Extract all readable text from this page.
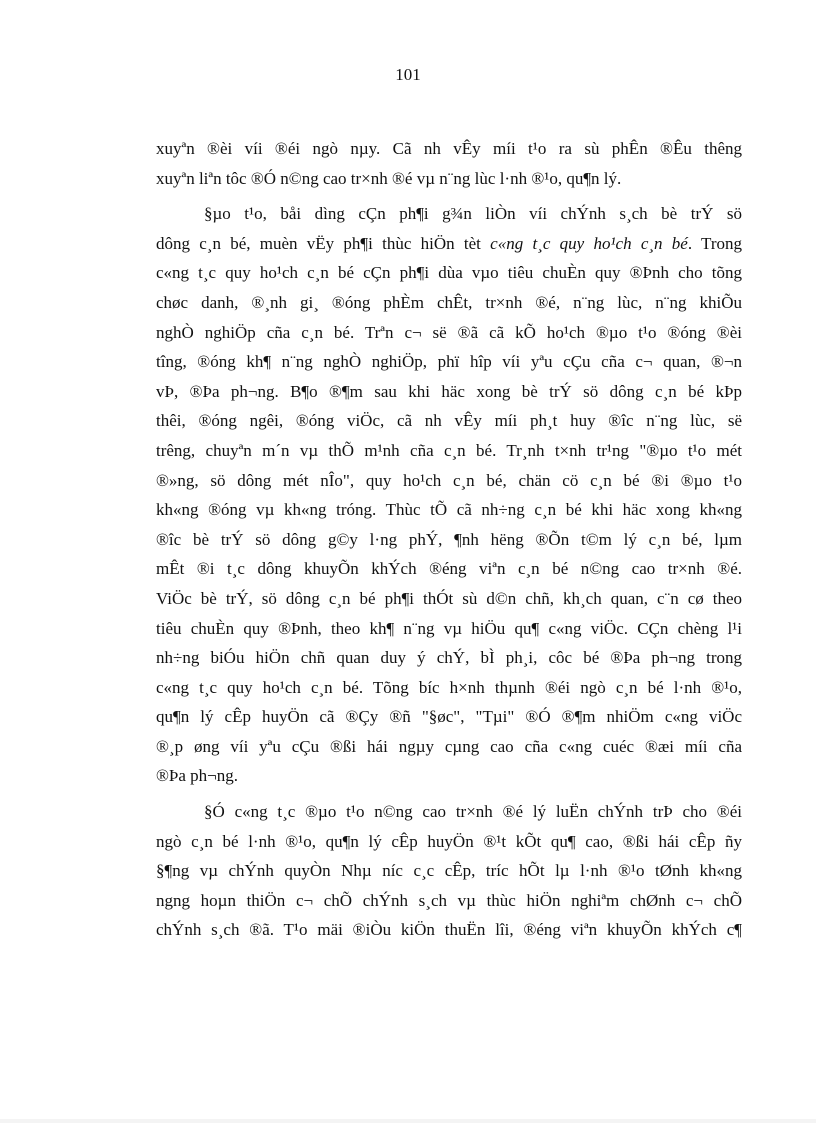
101
xuyªn ®èi víi ®éi ngò nµy. Cã nh vÊy míi t¹o ra sù phÊn ®Êu thêng
xuyªn liªn tôc ®Ó n©ng cao tr×nh ®é vµ n¨ng lùc l·nh ®¹o, qu¶n lý.
§µo t¹o, båi dìng cÇn ph¶i g¾n liÒn víi chÝnh s¸ch bè trÝ sö
dông c¸n bé, muèn vËy ph¶i thùc hiÖn tèt c«ng t¸c quy ho¹ch c¸n bé. Trong
c«ng t¸c quy ho¹ch c¸n bé cÇn ph¶i dùa vµo tiêu chuÈn quy ®Þnh cho tõng
chøc danh, ®¸nh gi¸ ®óng phÈm chÊt, tr×nh ®é, n¨ng lùc, n¨ng khiÕu
nghÒ nghiÖp cña c¸n bé. Trªn c¬ së ®ã cã kÕ ho¹ch ®µo t¹o ®óng ®èi
tîng, ®óng kh¶ n¨ng nghÒ nghiÖp, phï hîp víi yªu cÇu cña c¬ quan, ®¬n
vÞ, ®Þa ph¬ng. B¶o ®¶m sau khi häc xong bè trÝ sö dông c¸n bé kÞp
thêi, ®óng ngêi, ®óng viÖc, cã nh vÊy míi ph¸t huy ®îc n¨ng lùc, së
trêng, chuyªn m´n vµ thÕ m¹nh cña c¸n bé. Tr¸nh t×nh tr¹ng "®µo t¹o mét
®»ng, sö dông mét nÎo", quy ho¹ch c¸n bé, chän cö c¸n bé ®i ®µo t¹o
kh«ng ®óng vµ kh«ng tróng. Thùc tÕ cã nh÷ng c¸n bé khi häc xong kh«ng
®îc bè trÝ sö dông g©y l·ng phÝ, ¶nh hëng ®Õn t©m lý c¸n bé, lµm
mÊt ®i t¸c dông khuyÕn khÝch ®éng viªn c¸n bé n©ng cao tr×nh ®é.
ViÖc bè trÝ, sö dông c¸n bé ph¶i thÓt sù d©n chñ, kh¸ch quan, c¨n cø theo
tiêu chuÈn quy ®Þnh, theo kh¶ n¨ng vµ hiÖu qu¶ c«ng viÖc. CÇn chèng l¹i
nh÷ng biÓu hiÖn chñ quan duy ý chÝ, bÌ ph¸i, côc bé ®Þa ph¬ng trong
c«ng t¸c quy ho¹ch c¸n bé. Tõng bíc h×nh thµnh ®éi ngò c¸n bé l·nh ®¹o,
qu¶n lý cÊp huyÖn cã ®Çy ®ñ "§øc", "Tµi" ®Ó ®¶m nhiÖm c«ng viÖc
®¸p øng víi yªu cÇu ®ßi hái ngµy cµng cao cña c«ng cuéc ®æi míi cña
®Þa ph¬ng.
§Ó c«ng t¸c ®µo t¹o n©ng cao tr×nh ®é lý luËn chÝnh trÞ cho ®éi
ngò c¸n bé l·nh ®¹o, qu¶n lý cÊp huyÖn ®¹t kÕt qu¶ cao, ®ßi hái cÊp ñy
§¶ng vµ chÝnh quyÒn Nhµ níc c¸c cÊp, tríc hÕt lµ l·nh ®¹o tØnh kh«ng
ngng hoµn thiÖn c¬ chÕ chÝnh s¸ch vµ thùc hiÖn nghiªm chØnh c¬ chÕ
chÝnh s¸ch ®ã. T¹o mäi ®iÒu kiÖn thuËn lîi, ®éng viªn khuyÕn khÝch c¶
